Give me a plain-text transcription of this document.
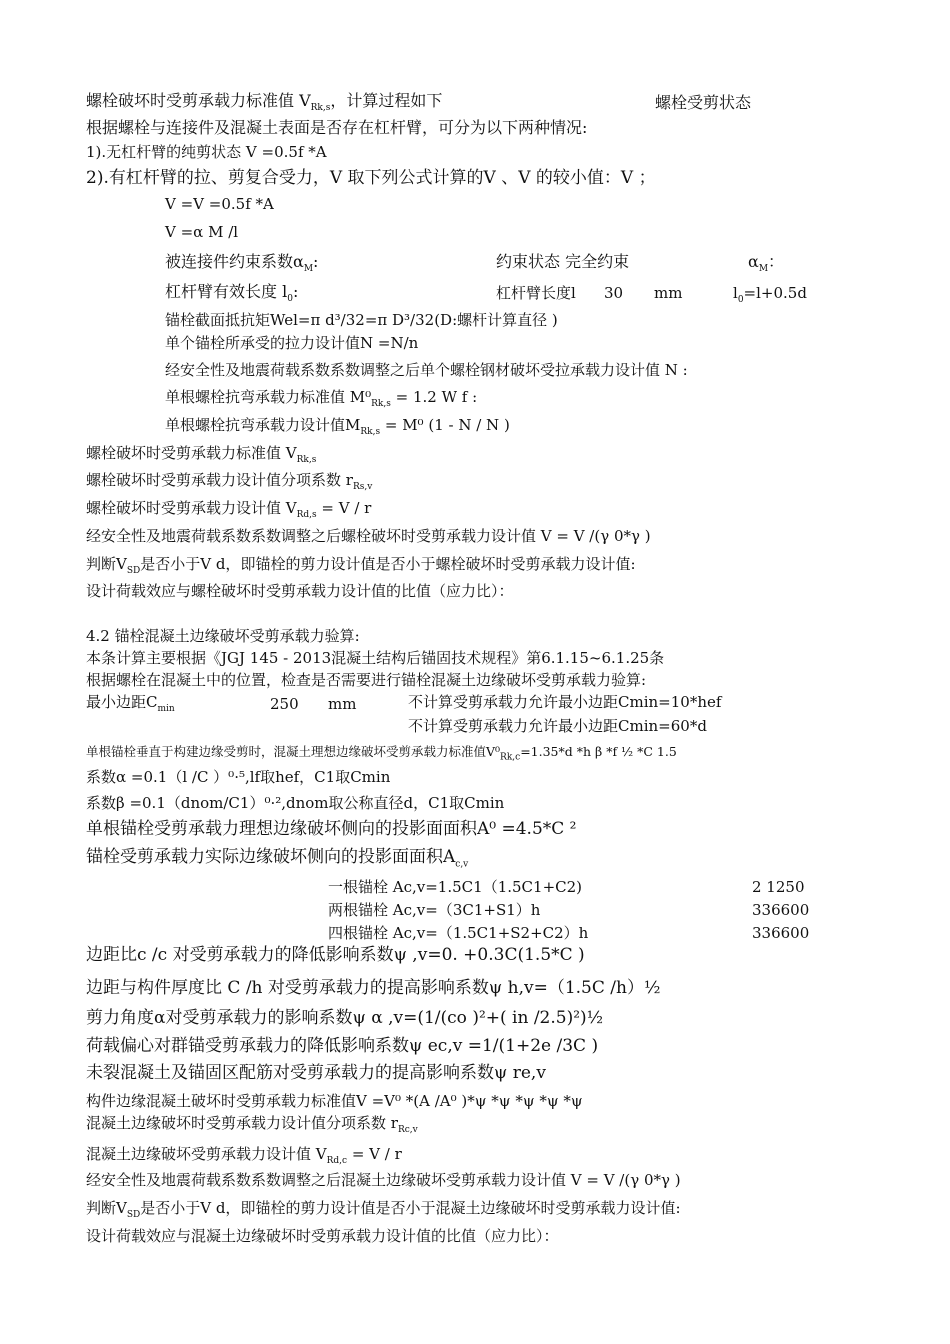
螺栓破坏时受剪承载力标准值 $V_{Rk,s}$，计算过程如下	螺栓受剪状态
根据螺栓与连接件及混凝土表面是否存在杠杆臂，可分为以下两种情况:
1).无杠杆臂的纯剪状态 V =0.5f *A
2).有杠杆臂的拉、剪复合受力，V 取下列公式计算的V 、V 的较小值：V ；
V =V =0.5f *A
V =α M /l
被连接件约束系数$\alpha_M$:	约束状态 完全约束	$\alpha_M$：
杠杆臂有效长度 $l_0$:	杠杆臂长度l 30 mm	$l_0=l+0.5d$
锚栓截面抵抗矩Wel=π d³/32=π D³/32(D:螺杆计算直径 )
单个锚栓所承受的拉力设计值N =N/n
经安全性及地震荷载系数系数调整之后单个螺栓钢材破坏受拉承载力设计值 N :
单根螺栓抗弯承载力标准值 $M^0_{Rk,s} = 1.2$ W f :
单根螺栓抗弯承载力设计值$M_{Rk,s} = M^0$ (1 - N / N )
螺栓破坏时受剪承载力标准值 $V_{Rk,s}$
螺栓破坏时受剪承载力设计值分项系数 $r_{Rs,v}$
螺栓破坏时受剪承载力设计值 $V_{Rd,s} = V / r$
经安全性及地震荷载系数系数调整之后螺栓破坏时受剪承载力设计值 V = V /(γ 0*γ )
判断$V_{SD}$是否小于V d，即锚栓的剪力设计值是否小于螺栓破坏时受剪承载力设计值:
设计荷载效应与螺栓破坏时受剪承载力设计值的比值（应力比）：
4.2 锚栓混凝土边缘破坏受剪承载力验算:
本条计算主要根据《JGJ 145 - 2013混凝土结构后锚固技术规程》第6.1.15~6.1.25条
根据螺栓在混凝土中的位置，检查是否需要进行锚栓混凝土边缘破坏受剪承载力验算:
最小边距$C_{min}$	250 mm	不计算受剪承载力允许最小边距Cmin=10*hef
不计算受剪承载力允许最小边距Cmin=60*d
单根锚栓垂直于构建边缘受剪时，混凝土理想边缘破坏受剪承载力标准值$V^0_{Rk,c}=1.35*d$ *h β *f ½ *C 1.5
系数α =0.1（l /C ）⁰·⁵,lf取hef，C1取Cmin
系数β =0.1（dnom/C1）⁰·²,dnom取公称直径d，C1取Cmin
单根锚栓受剪承载力理想边缘破坏侧向的投影面面积A⁰ =4.5*C ²
锚栓受剪承载力实际边缘破坏侧向的投影面面积$A_{c,v}$
一根锚栓 Ac,v=1.5C1（1.5C1+C2)	2 1250
两根锚栓 Ac,v=（3C1+S1）h	336600
四根锚栓 Ac,v=（1.5C1+S2+C2）h	336600
边距比c /c 对受剪承载力的降低影响系数ψ ,v=0. +0.3C(1.5*C )
边距与构件厚度比 C /h 对受剪承载力的提高影响系数ψ h,v=（1.5C /h）½
剪力角度α对受剪承载力的影响系数ψ α ,v=(1/(co )²+( in /2.5)²)½
荷载偏心对群锚受剪承载力的降低影响系数ψ ec,v =1/(1+2e /3C )
未裂混凝土及锚固区配筋对受剪承载力的提高影响系数ψ re,v
构件边缘混凝土破坏时受剪承载力标准值V =V⁰ *(A /A⁰ )*ψ *ψ *ψ *ψ *ψ
混凝土边缘破坏时受剪承载力设计值分项系数 $r_{Rc,v}$
混凝土边缘破坏受剪承载力设计值 $V_{Rd,c} = V / r$
经安全性及地震荷载系数系数调整之后混凝土边缘破坏受剪承载力设计值 V = V /(γ 0*γ )
判断$V_{SD}$是否小于V d，即锚栓的剪力设计值是否小于混凝土边缘破坏时受剪承载力设计值:
设计荷载效应与混凝土边缘破坏时受剪承载力设计值的比值（应力比）：
